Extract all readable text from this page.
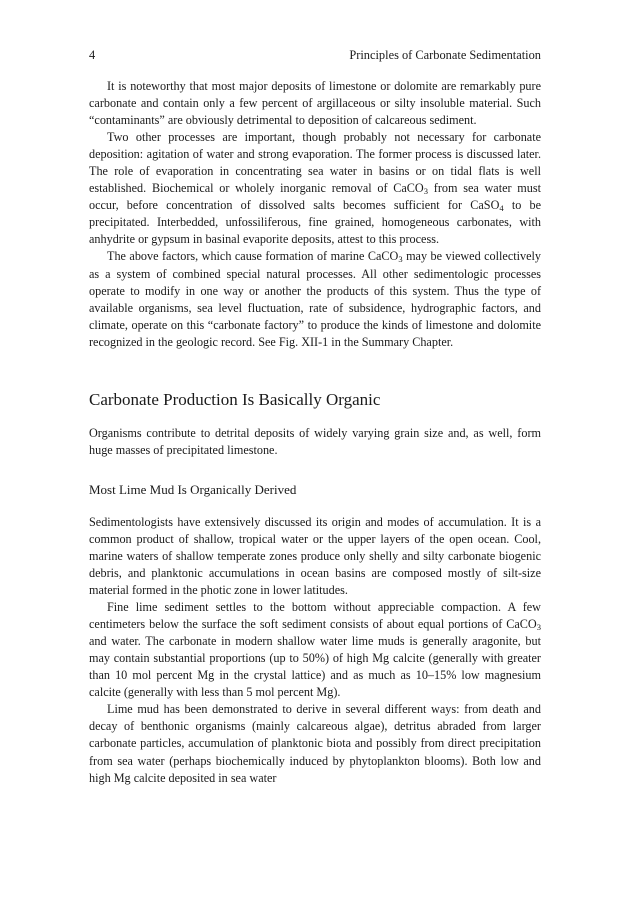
4	Principles of Carbonate Sedimentation

It is noteworthy that most major deposits of limestone or dolomite are remarkably pure carbonate and contain only a few percent of argillaceous or silty insoluble material. Such “contaminants” are obviously detrimental to deposition of calcareous sediment.

Two other processes are important, though probably not necessary for carbonate deposition: agitation of water and strong evaporation. The former process is discussed later. The role of evaporation in concentrating sea water in basins or on tidal flats is well established. Biochemical or wholely inorganic removal of CaCO$_3$ from sea water must occur, before concentration of dissolved salts becomes sufficient for CaSO$_4$ to be precipitated. Interbedded, unfossiliferous, fine grained, homogeneous carbonates, with anhydrite or gypsum in basinal evaporite deposits, attest to this process.

The above factors, which cause formation of marine CaCO$_3$ may be viewed collectively as a system of combined special natural processes. All other sedimentologic processes operate to modify in one way or another the products of this system. Thus the type of available organisms, sea level fluctuation, rate of subsidence, hydrographic factors, and climate, operate on this “carbonate factory” to produce the kinds of limestone and dolomite recognized in the geologic record. See Fig. XII-1 in the Summary Chapter.

Carbonate Production Is Basically Organic

Organisms contribute to detrital deposits of widely varying grain size and, as well, form huge masses of precipitated limestone.

Most Lime Mud Is Organically Derived

Sedimentologists have extensively discussed its origin and modes of accumulation. It is a common product of shallow, tropical water or the upper layers of the open ocean. Cool, marine waters of shallow temperate zones produce only shelly and silty carbonate biogenic debris, and planktonic accumulations in ocean basins are composed mostly of silt-size material formed in the photic zone in lower latitudes.

Fine lime sediment settles to the bottom without appreciable compaction. A few centimeters below the surface the soft sediment consists of about equal portions of CaCO$_3$ and water. The carbonate in modern shallow water lime muds is generally aragonite, but may contain substantial proportions (up to 50%) of high Mg calcite (generally with greater than 10 mol percent Mg in the crystal lattice) and as much as 10–15% low magnesium calcite (generally with less than 5 mol percent Mg).

Lime mud has been demonstrated to derive in several different ways: from death and decay of benthonic organisms (mainly calcareous algae), detritus abraded from larger carbonate particles, accumulation of planktonic biota and possibly from direct precipitation from sea water (perhaps biochemically induced by phytoplankton blooms). Both low and high Mg calcite deposited in sea water
